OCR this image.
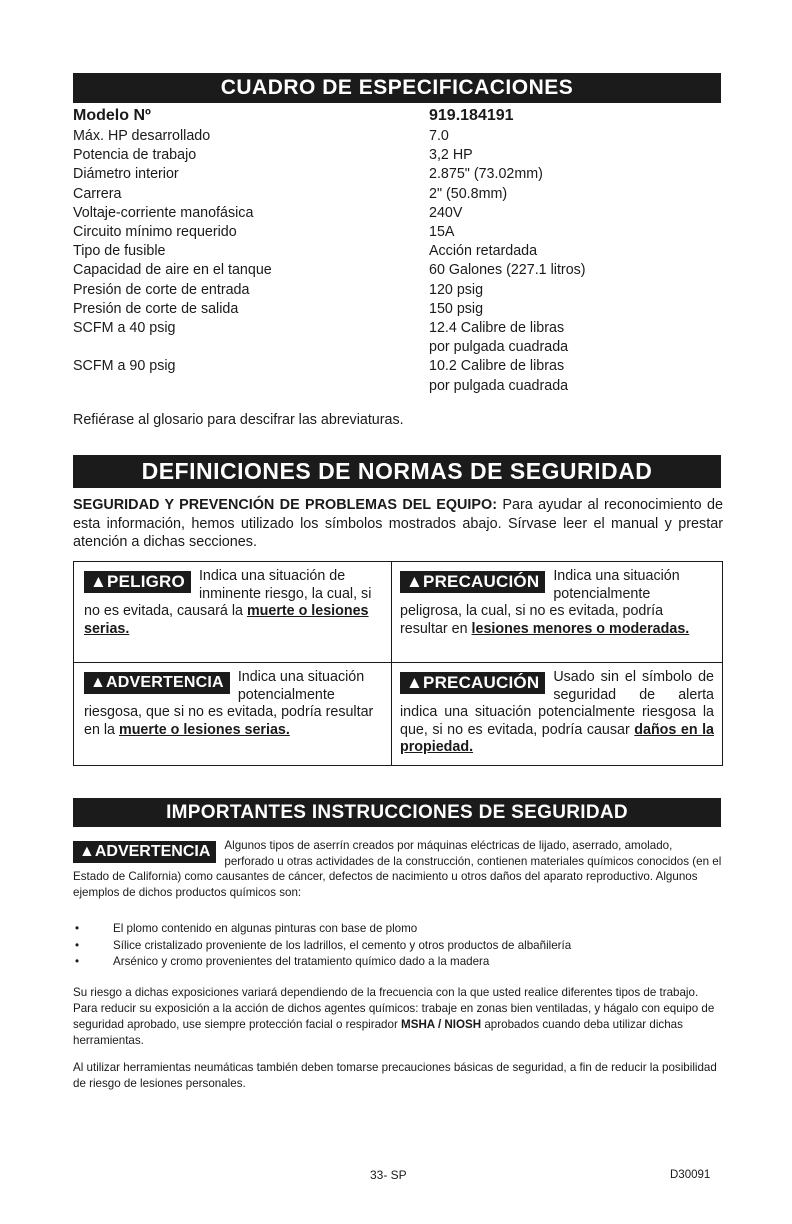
CUADRO DE ESPECIFICACIONES
Modelo Nº	919.184191
Máx. HP desarrollado	7.0
Potencia de trabajo	3,2 HP
Diámetro interior	2.875" (73.02mm)
Carrera	2" (50.8mm)
Voltaje-corriente manofásica	240V
Circuito mínimo requerido	15A
Tipo de fusible	Acción retardada
Capacidad de aire en el tanque	60 Galones (227.1 litros)
Presión de corte de entrada	120 psig
Presión de corte de salida	150 psig
SCFM a 40 psig	12.4 Calibre de libras
por pulgada cuadrada
SCFM a 90 psig	10.2 Calibre de libras
por pulgada cuadrada
Refiérase al glosario para descifrar las abreviaturas.
DEFINICIONES DE NORMAS DE SEGURIDAD
SEGURIDAD Y PREVENCIÓN DE PROBLEMAS DEL EQUIPO: Para ayudar al reconocimiento de esta información, hemos utilizado los símbolos mostrados abajo. Sírvase leer el manual y prestar atención a dichas secciones.
▲PELIGRO Indica una situación de inminente riesgo, la cual, si no es evitada, causará la muerte o lesiones serias.
▲PRECAUCIÓN Indica una situación potencialmente peligrosa, la cual, si no es evitada, podría resultar en lesiones menores o moderadas.
▲ADVERTENCIA Indica una situación potencialmente riesgosa, que si no es evitada, podría resultar en la muerte o lesiones serias.
▲PRECAUCIÓN Usado sin el símbolo de seguridad de alerta indica una situación potencialmente riesgosa la que, si no es evitada, podría causar daños en la propiedad.
IMPORTANTES INSTRUCCIONES DE SEGURIDAD
▲ADVERTENCIA	Algunos tipos de aserrín creados por máquinas eléctricas de lijado, aserrado, amolado, perforado u otras actividades de la construcción, contienen materiales químicos conocidos (en el Estado de California) como causantes de cáncer, defectos de nacimiento u otros daños del aparato reproductivo. Algunos ejemplos de dichos productos químicos son:
• El plomo contenido en algunas pinturas con base de plomo
• Sílice cristalizado proveniente de los ladrillos, el cemento y otros productos de albañilería
• Arsénico y cromo provenientes del tratamiento químico dado a la madera
Su riesgo a dichas exposiciones variará dependiendo de la frecuencia con la que usted realice diferentes tipos de trabajo. Para reducir su exposición a la acción de dichos agentes químicos: trabaje en zonas bien ventiladas, y hágalo con equipo de seguridad aprobado, use siempre protección facial o respirador MSHA / NIOSH aprobados cuando deba utilizar dichas herramientas.
Al utilizar herramientas neumáticas también deben tomarse precauciones básicas de seguridad, a fin de reducir la posibilidad de riesgo de lesiones personales.
33- SP	D30091
